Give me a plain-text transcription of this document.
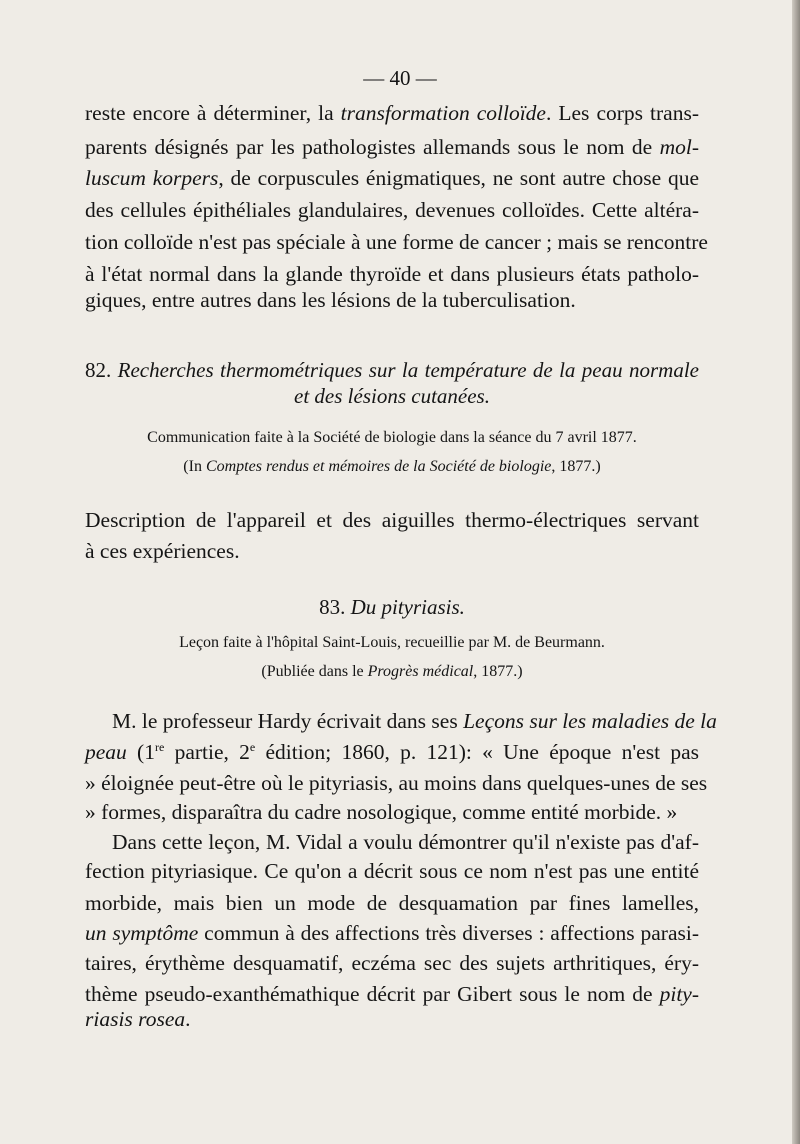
— 40 —
reste encore à déterminer, la transformation colloïde. Les corps trans-
parents désignés par les pathologistes allemands sous le nom de mol-
luscum korpers, de corpuscules énigmatiques, ne sont autre chose que
des cellules épithéliales glandulaires, devenues colloïdes. Cette altéra-
tion colloïde n'est pas spéciale à une forme de cancer ; mais se rencontre
à l'état normal dans la glande thyroïde et dans plusieurs états patholo-
giques, entre autres dans les lésions de la tuberculisation.
82. Recherches thermométriques sur la température de la peau normale
et des lésions cutanées.
Communication faite à la Société de biologie dans la séance du 7 avril 1877.
(In Comptes rendus et mémoires de la Société de biologie, 1877.)
Description de l'appareil et des aiguilles thermo-électriques servant
à ces expériences.
83. Du pityriasis.
Leçon faite à l'hôpital Saint-Louis, recueillie par M. de Beurmann.
(Publiée dans le Progrès médical, 1877.)
M. le professeur Hardy écrivait dans ses Leçons sur les maladies de la
peau (1re partie, 2e édition; 1860, p. 121): « Une époque n'est pas
» éloignée peut-être où le pityriasis, au moins dans quelques-unes de ses
» formes, disparaîtra du cadre nosologique, comme entité morbide. »
Dans cette leçon, M. Vidal a voulu démontrer qu'il n'existe pas d'af-
fection pityriasique. Ce qu'on a décrit sous ce nom n'est pas une entité
morbide, mais bien un mode de desquamation par fines lamelles,
un symptôme commun à des affections très diverses : affections parasi-
taires, érythème desquamatif, eczéma sec des sujets arthritiques, éry-
thème pseudo-exanthémathique décrit par Gibert sous le nom de pity-
riasis rosea.
